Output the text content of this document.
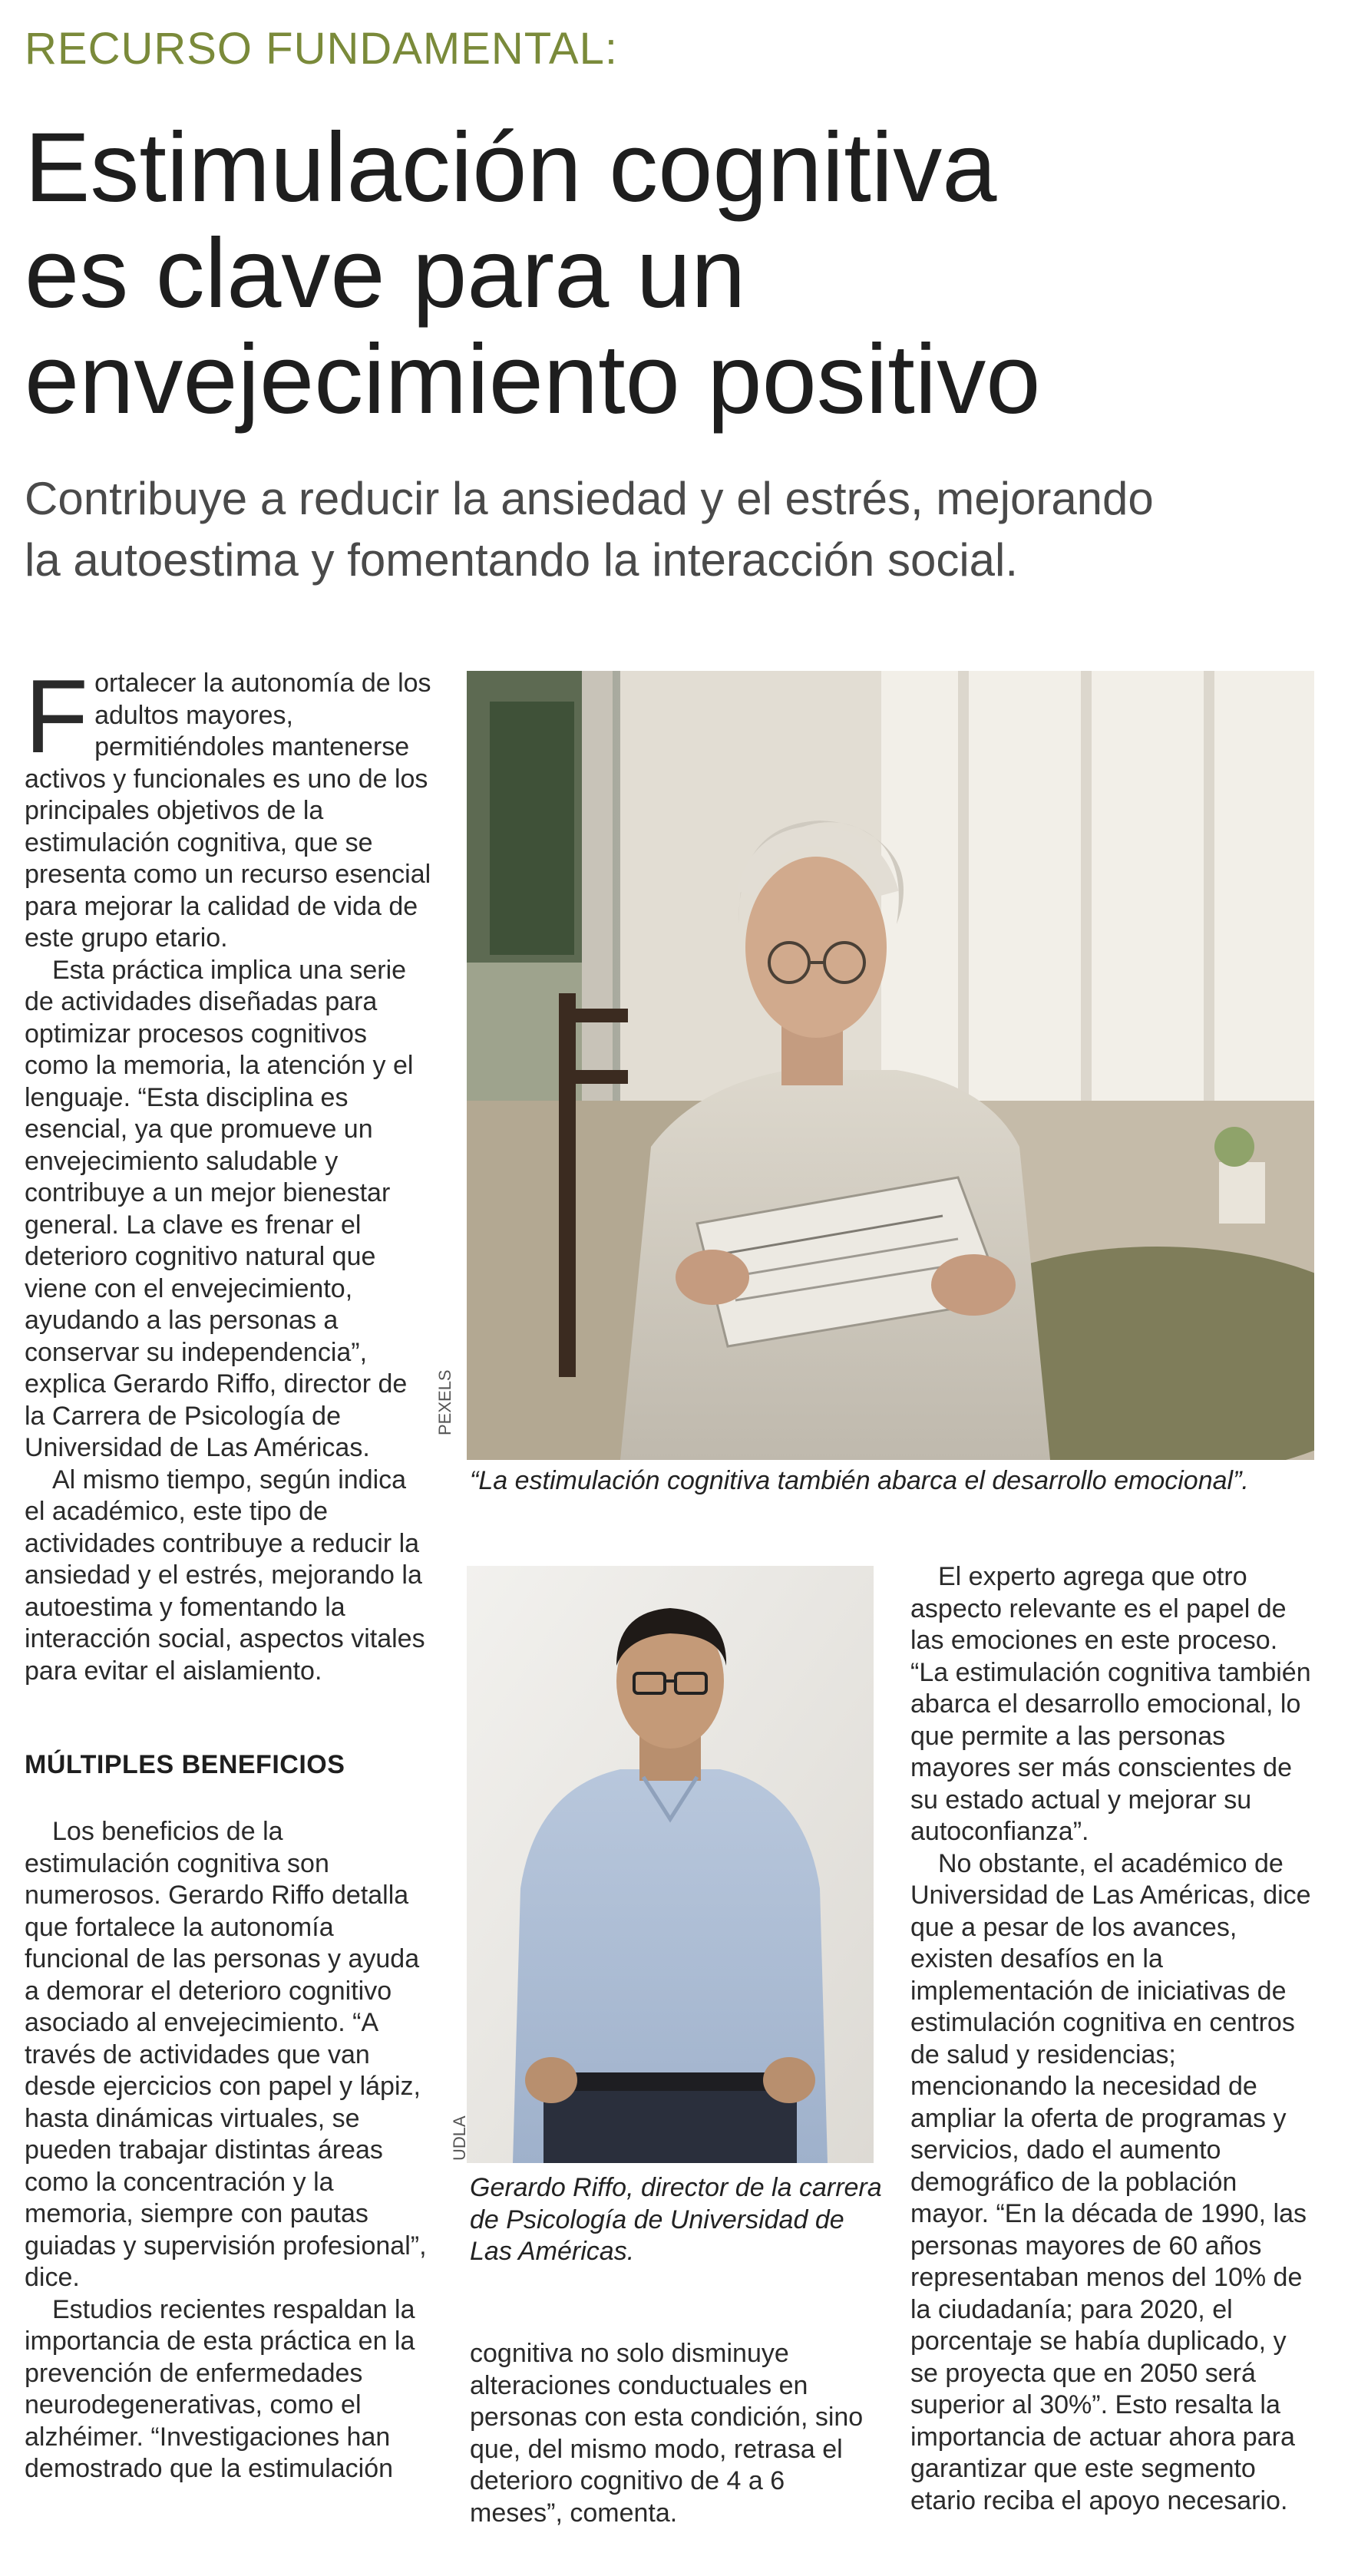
RECURSO FUNDAMENTAL:
Estimulación cognitiva
es clave para un
envejecimiento positivo
Contribuye a reducir la ansiedad y el estrés, mejorando
la autoestima y fomentando la interacción social.

Fortalecer la autonomía de los adultos mayores, permitiéndoles mantenerse activos y funcionales es uno de los principales objetivos de la estimulación cognitiva, que se presenta como un recurso esencial para mejorar la calidad de vida de este grupo etario.

Esta práctica implica una serie de actividades diseñadas para optimizar procesos cognitivos como la memoria, la atención y el lenguaje. “Esta disciplina es esencial, ya que promueve un envejecimiento saludable y contribuye a un mejor bienestar general. La clave es frenar el deterioro cognitivo natural que viene con el envejecimiento, ayudando a las personas a conservar su independencia”, explica Gerardo Riffo, director de la Carrera de Psicología de Universidad de Las Américas.

Al mismo tiempo, según indica el académico, este tipo de actividades contribuye a reducir la ansiedad y el estrés, mejorando la autoestima y fomentando la interacción social, aspectos vitales para evitar el aislamiento.

MÚLTIPLES BENEFICIOS

Los beneficios de la estimulación cognitiva son numerosos. Gerardo Riffo detalla que fortalece la autonomía funcional de las personas y ayuda a demorar el deterioro cognitivo asociado al envejecimiento. “A través de actividades que van desde ejercicios con papel y lápiz, hasta dinámicas virtuales, se pueden trabajar distintas áreas como la concentración y la memoria, siempre con pautas guiadas y supervisión profesional”, dice.

Estudios recientes respaldan la importancia de esta práctica en la prevención de enfermedades neurodegenerativas, como el alzhéimer. “Investigaciones han demostrado que la estimulación

PEXELS
“La estimulación cognitiva también abarca el desarrollo emocional”.
UDLA
Gerardo Riffo, director de la carrera de Psicología de Universidad de Las Américas.

cognitiva no solo disminuye alteraciones conductuales en personas con esta condición, sino que, del mismo modo, retrasa el deterioro cognitivo de 4 a 6 meses”, comenta.

El experto agrega que otro aspecto relevante es el papel de las emociones en este proceso. “La estimulación cognitiva también abarca el desarrollo emocional, lo que permite a las personas mayores ser más conscientes de su estado actual y mejorar su autoconfianza”.

No obstante, el académico de Universidad de Las Américas, dice que a pesar de los avances, existen desafíos en la implementación de iniciativas de estimulación cognitiva en centros de salud y residencias; mencionando la necesidad de ampliar la oferta de programas y servicios, dado el aumento demográfico de la población mayor. “En la década de 1990, las personas mayores de 60 años representaban menos del 10% de la ciudadanía; para 2020, el porcentaje se había duplicado, y se proyecta que en 2050 será superior al 30%”. Esto resalta la importancia de actuar ahora para garantizar que este segmento etario reciba el apoyo necesario.
